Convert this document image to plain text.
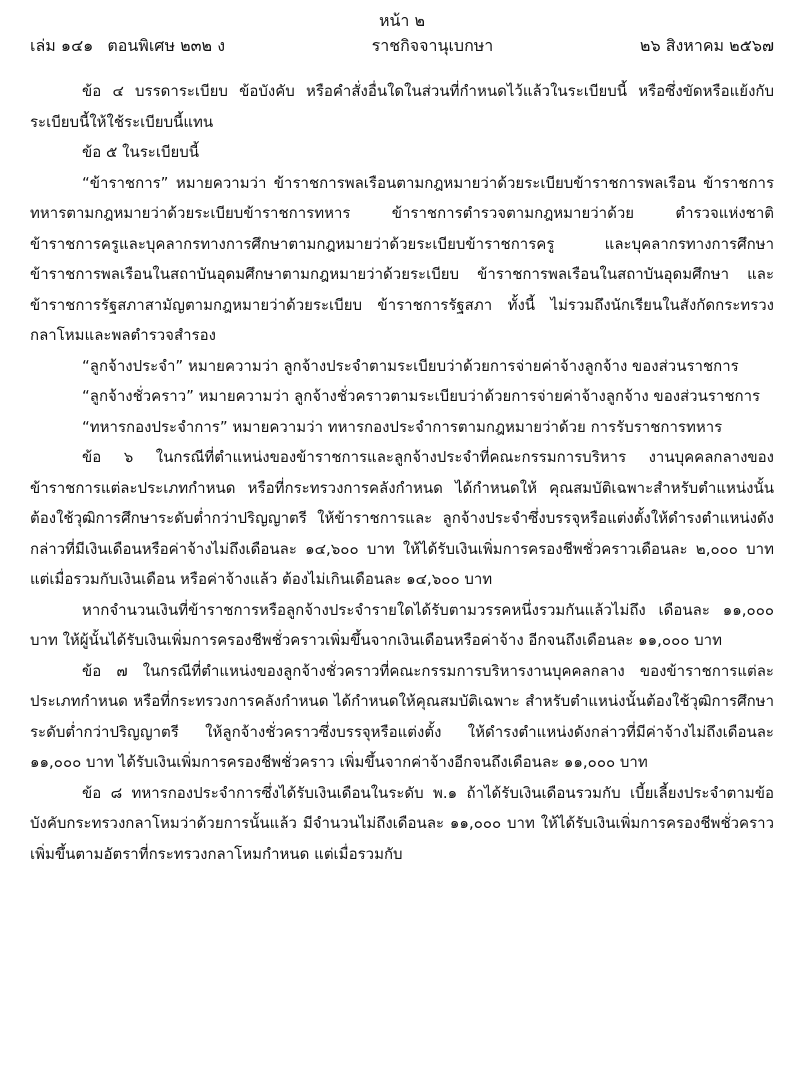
หน้า ๒
เล่ม ๑๔๑ ตอนพิเศษ ๒๓๒ ง	ราชกิจจานุเบกษา	๒๖ สิงหาคม ๒๕๖๗

ข้อ ๔ บรรดาระเบียบ ข้อบังคับ หรือคำสั่งอื่นใดในส่วนที่กำหนดไว้แล้วในระเบียบนี้ หรือซึ่งขัดหรือแย้งกับระเบียบนี้ให้ใช้ระเบียบนี้แทน

ข้อ ๕ ในระเบียบนี้

“ข้าราชการ” หมายความว่า ข้าราชการพลเรือนตามกฎหมายว่าด้วยระเบียบข้าราชการพลเรือน ข้าราชการทหารตามกฎหมายว่าด้วยระเบียบข้าราชการทหาร ข้าราชการตำรวจตามกฎหมายว่าด้วย ตำรวจแห่งชาติ ข้าราชการครูและบุคลากรทางการศึกษาตามกฎหมายว่าด้วยระเบียบข้าราชการครู และบุคลากรทางการศึกษา ข้าราชการพลเรือนในสถาบันอุดมศึกษาตามกฎหมายว่าด้วยระเบียบ ข้าราชการพลเรือนในสถาบันอุดมศึกษา และข้าราชการรัฐสภาสามัญตามกฎหมายว่าด้วยระเบียบ ข้าราชการรัฐสภา ทั้งนี้ ไม่รวมถึงนักเรียนในสังกัดกระทรวงกลาโหมและพลตำรวจสำรอง

“ลูกจ้างประจำ” หมายความว่า ลูกจ้างประจำตามระเบียบว่าด้วยการจ่ายค่าจ้างลูกจ้าง ของส่วนราชการ

“ลูกจ้างชั่วคราว” หมายความว่า ลูกจ้างชั่วคราวตามระเบียบว่าด้วยการจ่ายค่าจ้างลูกจ้าง ของส่วนราชการ

“ทหารกองประจำการ” หมายความว่า ทหารกองประจำการตามกฎหมายว่าด้วย การรับราชการทหาร

ข้อ ๖ ในกรณีที่ตำแหน่งของข้าราชการและลูกจ้างประจำที่คณะกรรมการบริหาร งานบุคคลกลางของข้าราชการแต่ละประเภทกำหนด หรือที่กระทรวงการคลังกำหนด ได้กำหนดให้ คุณสมบัติเฉพาะสำหรับตำแหน่งนั้นต้องใช้วุฒิการศึกษาระดับต่ำกว่าปริญญาตรี ให้ข้าราชการและ ลูกจ้างประจำซึ่งบรรจุหรือแต่งตั้งให้ดำรงตำแหน่งดังกล่าวที่มีเงินเดือนหรือค่าจ้างไม่ถึงเดือนละ ๑๔,๖๐๐ บาท ให้ได้รับเงินเพิ่มการครองชีพชั่วคราวเดือนละ ๒,๐๐๐ บาท แต่เมื่อรวมกับเงินเดือน หรือค่าจ้างแล้ว ต้องไม่เกินเดือนละ ๑๔,๖๐๐ บาท

หากจำนวนเงินที่ข้าราชการหรือลูกจ้างประจำรายใดได้รับตามวรรคหนึ่งรวมกันแล้วไม่ถึง เดือนละ ๑๑,๐๐๐ บาท ให้ผู้นั้นได้รับเงินเพิ่มการครองชีพชั่วคราวเพิ่มขึ้นจากเงินเดือนหรือค่าจ้าง อีกจนถึงเดือนละ ๑๑,๐๐๐ บาท

ข้อ ๗ ในกรณีที่ตำแหน่งของลูกจ้างชั่วคราวที่คณะกรรมการบริหารงานบุคคลกลาง ของข้าราชการแต่ละประเภทกำหนด หรือที่กระทรวงการคลังกำหนด ได้กำหนดให้คุณสมบัติเฉพาะ สำหรับตำแหน่งนั้นต้องใช้วุฒิการศึกษาระดับต่ำกว่าปริญญาตรี ให้ลูกจ้างชั่วคราวซึ่งบรรจุหรือแต่งตั้ง ให้ดำรงตำแหน่งดังกล่าวที่มีค่าจ้างไม่ถึงเดือนละ ๑๑,๐๐๐ บาท ได้รับเงินเพิ่มการครองชีพชั่วคราว เพิ่มขึ้นจากค่าจ้างอีกจนถึงเดือนละ ๑๑,๐๐๐ บาท

ข้อ ๘ ทหารกองประจำการซึ่งได้รับเงินเดือนในระดับ พ.๑ ถ้าได้รับเงินเดือนรวมกับ เบี้ยเลี้ยงประจำตามข้อบังคับกระทรวงกลาโหมว่าด้วยการนั้นแล้ว มีจำนวนไม่ถึงเดือนละ ๑๑,๐๐๐ บาท ให้ได้รับเงินเพิ่มการครองชีพชั่วคราวเพิ่มขึ้นตามอัตราที่กระทรวงกลาโหมกำหนด แต่เมื่อรวมกับ
